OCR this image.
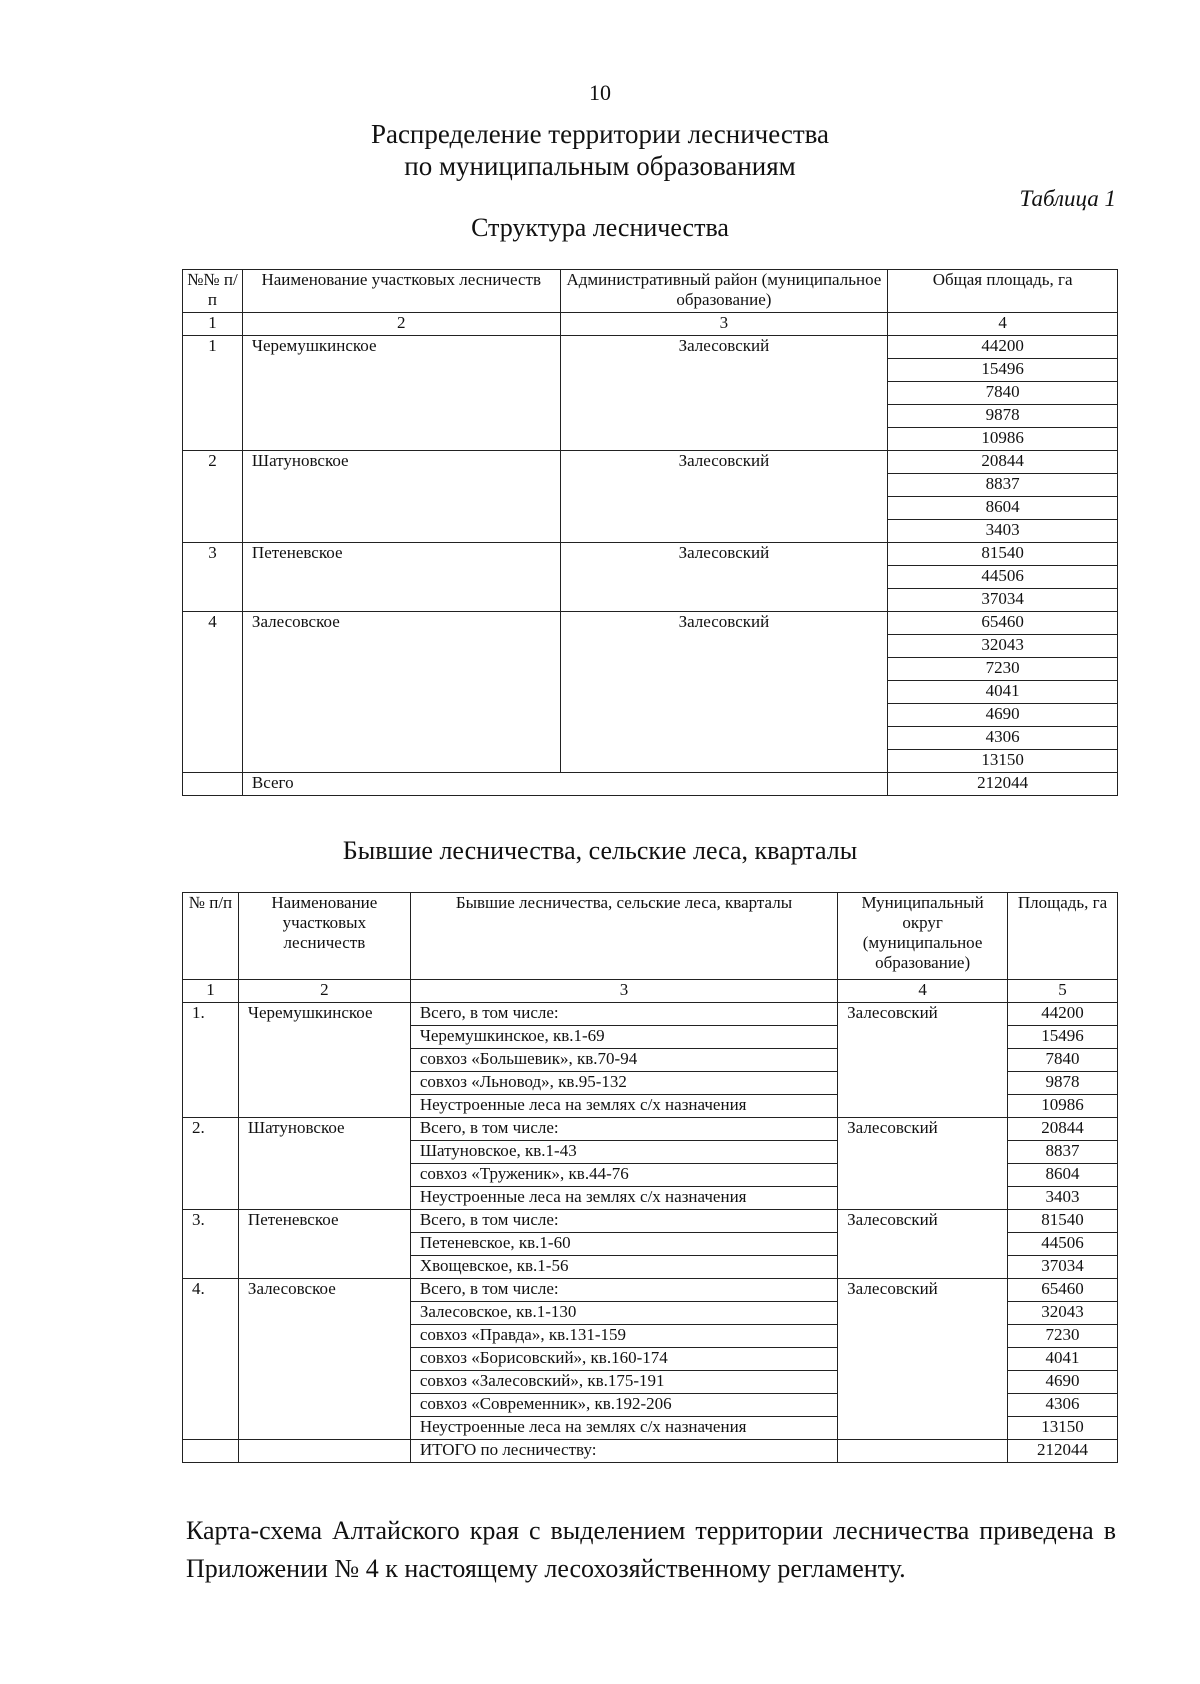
10
Распределение территории лесничества
по муниципальным образованиям
Таблица 1
Структура лесничества
№№ п/п	Наименование участковых лесничеств	Административный район (муниципальное образование)	Общая площадь, га
1	2	3	4
1	Черемушкинское	Залесовский	44200
			15496
			7840
			9878
			10986
2	Шатуновское	Залесовский	20844
			8837
			8604
			3403
3	Петеневское	Залесовский	81540
			44506
			37034
4	Залесовское	Залесовский	65460
			32043
			7230
			4041
			4690
			4306
			13150
	Всего		212044
Бывшие лесничества, сельские леса, кварталы
№ п/п	Наименование участковых лесничеств	Бывшие лесничества, сельские леса, кварталы	Муниципальный округ (муниципальное образование)	Площадь, га
1	2	3	4	5
1.	Черемушкинское	Всего, в том числе:	Залесовский	44200
		Черемушкинское, кв.1-69		15496
		совхоз «Большевик», кв.70-94		7840
		совхоз «Льновод», кв.95-132		9878
		Неустроенные леса на землях с/х назначения		10986
2.	Шатуновское	Всего, в том числе:	Залесовский	20844
		Шатуновское, кв.1-43		8837
		совхоз «Труженик», кв.44-76		8604
		Неустроенные леса на землях с/х назначения		3403
3.	Петеневское	Всего, в том числе:	Залесовский	81540
		Петеневское, кв.1-60		44506
		Хвощевское, кв.1-56		37034
4.	Залесовское	Всего, в том числе:	Залесовский	65460
		Залесовское, кв.1-130		32043
		совхоз «Правда», кв.131-159		7230
		совхоз «Борисовский», кв.160-174		4041
		совхоз «Залесовский», кв.175-191		4690
		совхоз «Современник», кв.192-206		4306
		Неустроенные леса на землях с/х назначения		13150
		ИТОГО по лесничеству:		212044
Карта-схема Алтайского края с выделением территории лесничества приведена в Приложении № 4 к настоящему лесохозяйственному регламенту.
